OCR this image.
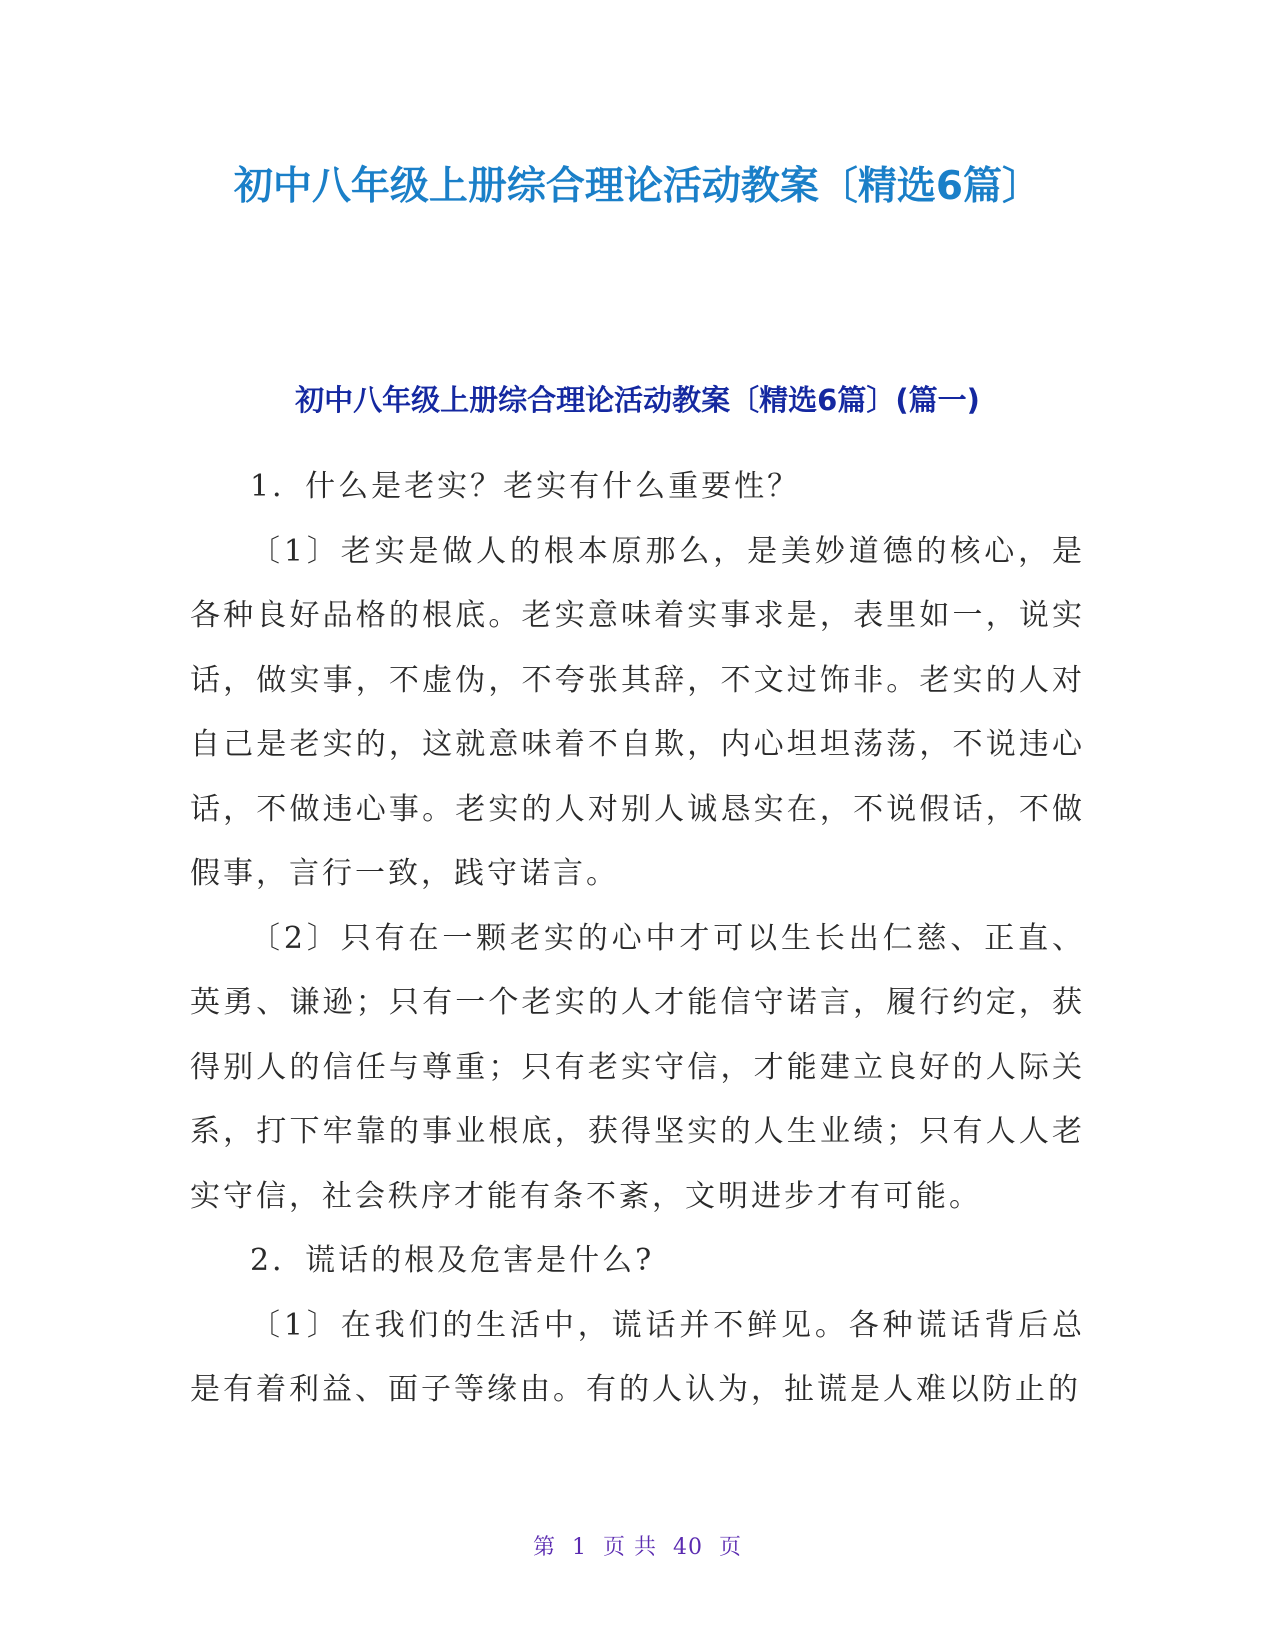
初中八年级上册综合理论活动教案〔精选6篇〕
初中八年级上册综合理论活动教案〔精选6篇〕(篇一)

1．什么是老实？老实有什么重要性？

〔1〕老实是做人的根本原那么，是美妙道德的核心，是各种良好品格的根底。老实意味着实事求是，表里如一，说实话，做实事，不虚伪，不夸张其辞，不文过饰非。老实的人对自己是老实的，这就意味着不自欺，内心坦坦荡荡，不说违心话，不做违心事。老实的人对别人诚恳实在，不说假话，不做假事，言行一致，践守诺言。

〔2〕只有在一颗老实的心中才可以生长出仁慈、正直、英勇、谦逊；只有一个老实的人才能信守诺言，履行约定，获得别人的信任与尊重；只有老实守信，才能建立良好的人际关系，打下牢靠的事业根底，获得坚实的人生业绩；只有人人老实守信，社会秩序才能有条不紊，文明进步才有可能。

2．谎话的根及危害是什么?

〔1〕在我们的生活中，谎话并不鲜见。各种谎话背后总是有着利益、面子等缘由。有的人认为，扯谎是人难以防止的

第 1 页 共 40 页
